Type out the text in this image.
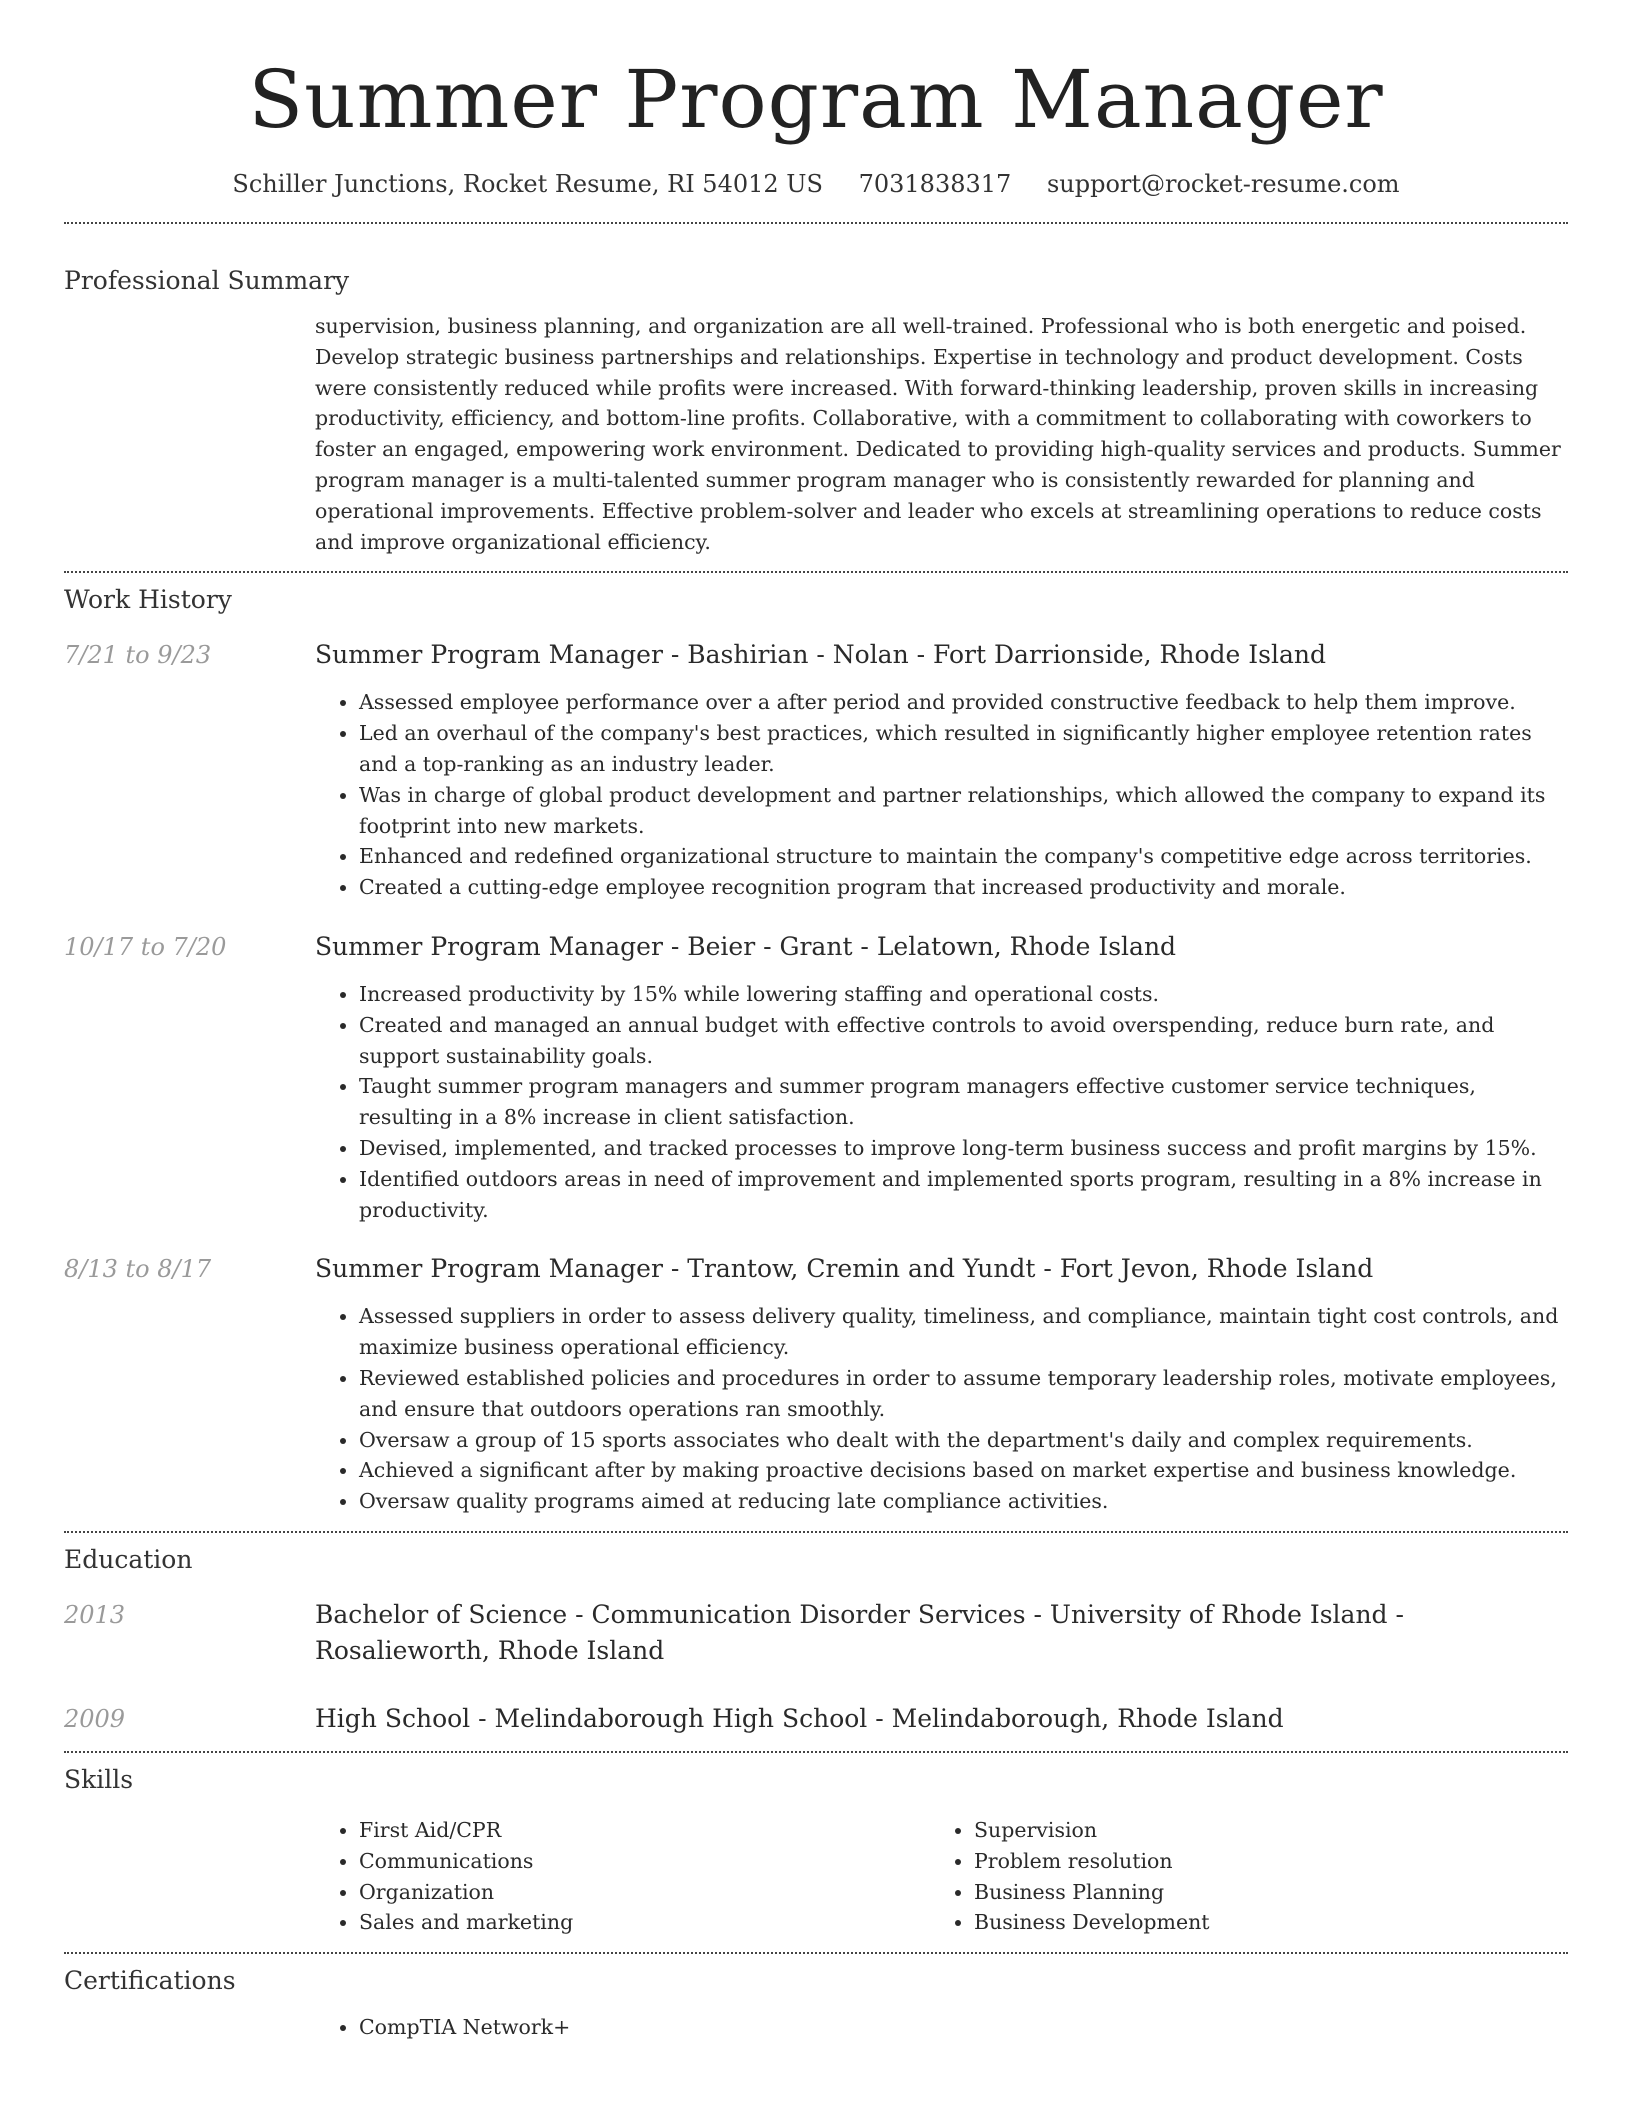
Summer Program Manager
Schiller Junctions, Rocket Resume, RI 54012 US 7031838317 support@rocket-resume.com
Professional Summary
supervision, business planning, and organization are all well-trained. Professional who is both energetic and poised. Develop strategic business partnerships and relationships. Expertise in technology and product development. Costs were consistently reduced while profits were increased. With forward-thinking leadership, proven skills in increasing productivity, efficiency, and bottom-line profits. Collaborative, with a commitment to collaborating with coworkers to foster an engaged, empowering work environment. Dedicated to providing high-quality services and products. Summer program manager is a multi-talented summer program manager who is consistently rewarded for planning and operational improvements. Effective problem-solver and leader who excels at streamlining operations to reduce costs and improve organizational efficiency.
Work History
7/21 to 9/23	Summer Program Manager - Bashirian - Nolan - Fort Darrionside, Rhode Island
• Assessed employee performance over a after period and provided constructive feedback to help them improve.
• Led an overhaul of the company's best practices, which resulted in significantly higher employee retention rates and a top-ranking as an industry leader.
• Was in charge of global product development and partner relationships, which allowed the company to expand its footprint into new markets.
• Enhanced and redefined organizational structure to maintain the company's competitive edge across territories.
• Created a cutting-edge employee recognition program that increased productivity and morale.
10/17 to 7/20	Summer Program Manager - Beier - Grant - Lelatown, Rhode Island
• Increased productivity by 15% while lowering staffing and operational costs.
• Created and managed an annual budget with effective controls to avoid overspending, reduce burn rate, and support sustainability goals.
• Taught summer program managers and summer program managers effective customer service techniques, resulting in a 8% increase in client satisfaction.
• Devised, implemented, and tracked processes to improve long-term business success and profit margins by 15%.
• Identified outdoors areas in need of improvement and implemented sports program, resulting in a 8% increase in productivity.
8/13 to 8/17	Summer Program Manager - Trantow, Cremin and Yundt - Fort Jevon, Rhode Island
• Assessed suppliers in order to assess delivery quality, timeliness, and compliance, maintain tight cost controls, and maximize business operational efficiency.
• Reviewed established policies and procedures in order to assume temporary leadership roles, motivate employees, and ensure that outdoors operations ran smoothly.
• Oversaw a group of 15 sports associates who dealt with the department's daily and complex requirements.
• Achieved a significant after by making proactive decisions based on market expertise and business knowledge.
• Oversaw quality programs aimed at reducing late compliance activities.
Education
2013	Bachelor of Science - Communication Disorder Services - University of Rhode Island - Rosalieworth, Rhode Island
2009	High School - Melindaborough High School - Melindaborough, Rhode Island
Skills
• First Aid/CPR
• Communications
• Organization
• Sales and marketing
• Supervision
• Problem resolution
• Business Planning
• Business Development
Certifications
• CompTIA Network+
